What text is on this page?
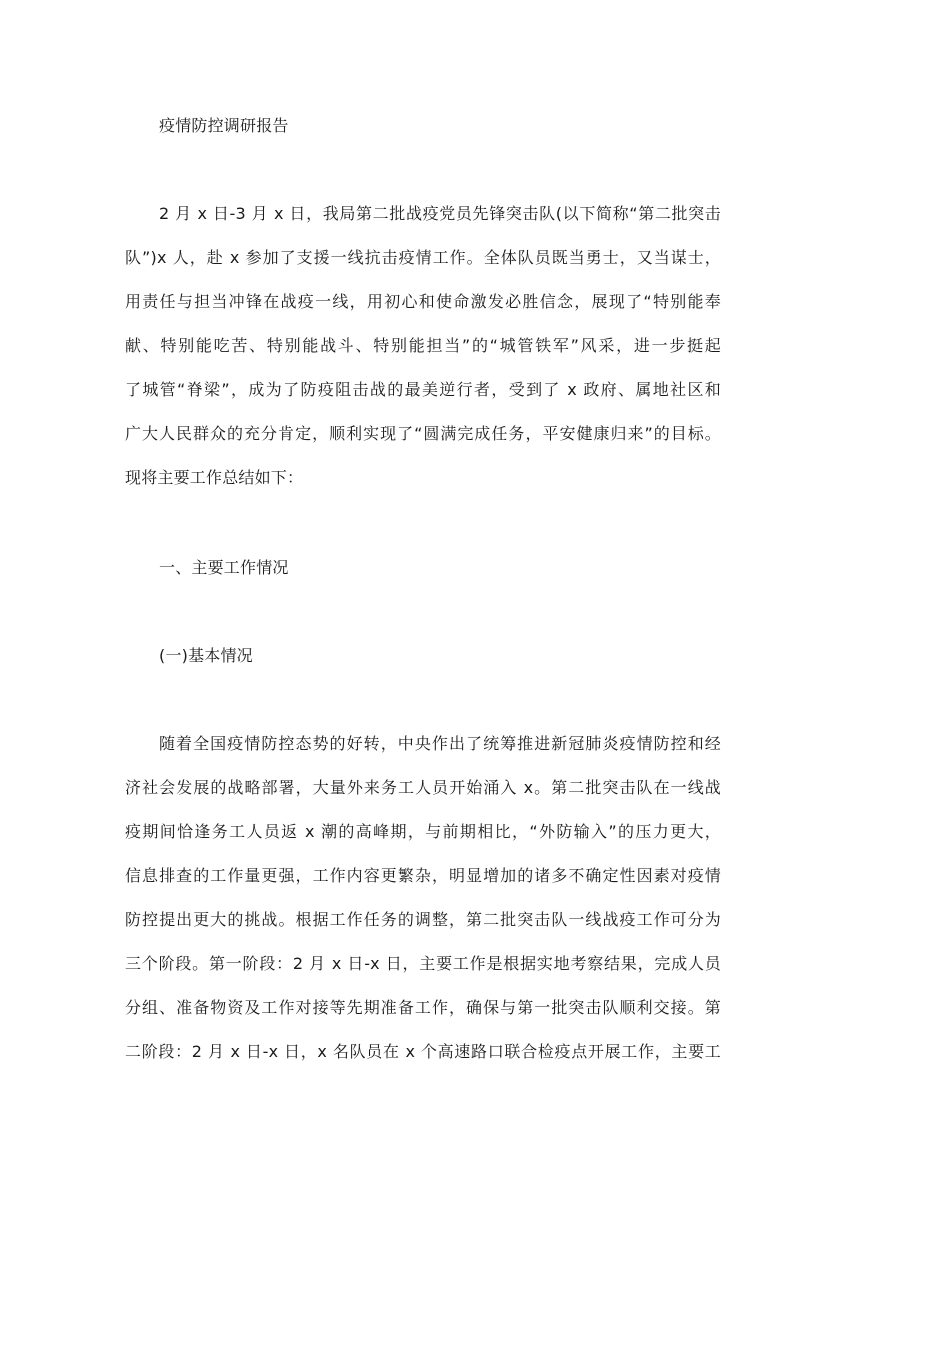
疫情防控调研报告
2 月 x 日-3 月 x 日，我局第二批战疫党员先锋突击队(以下简称“第二批突击
队”)x 人，赴 x 参加了支援一线抗击疫情工作。全体队员既当勇士，又当谋士，
用责任与担当冲锋在战疫一线，用初心和使命激发必胜信念，展现了“特别能奉
献、特别能吃苦、特别能战斗、特别能担当”的“城管铁军”风采，进一步挺起
了城管“脊梁”，成为了防疫阻击战的最美逆行者，受到了 x 政府、属地社区和
广大人民群众的充分肯定，顺利实现了“圆满完成任务，平安健康归来”的目标。
现将主要工作总结如下：
一、主要工作情况
(一)基本情况
随着全国疫情防控态势的好转，中央作出了统筹推进新冠肺炎疫情防控和经
济社会发展的战略部署，大量外来务工人员开始涌入 x。第二批突击队在一线战
疫期间恰逢务工人员返 x 潮的高峰期，与前期相比，“外防输入”的压力更大，
信息排查的工作量更强，工作内容更繁杂，明显增加的诸多不确定性因素对疫情
防控提出更大的挑战。根据工作任务的调整，第二批突击队一线战疫工作可分为
三个阶段。第一阶段：2 月 x 日-x 日，主要工作是根据实地考察结果，完成人员
分组、准备物资及工作对接等先期准备工作，确保与第一批突击队顺利交接。第
二阶段：2 月 x 日-x 日，x 名队员在 x 个高速路口联合检疫点开展工作，主要工
